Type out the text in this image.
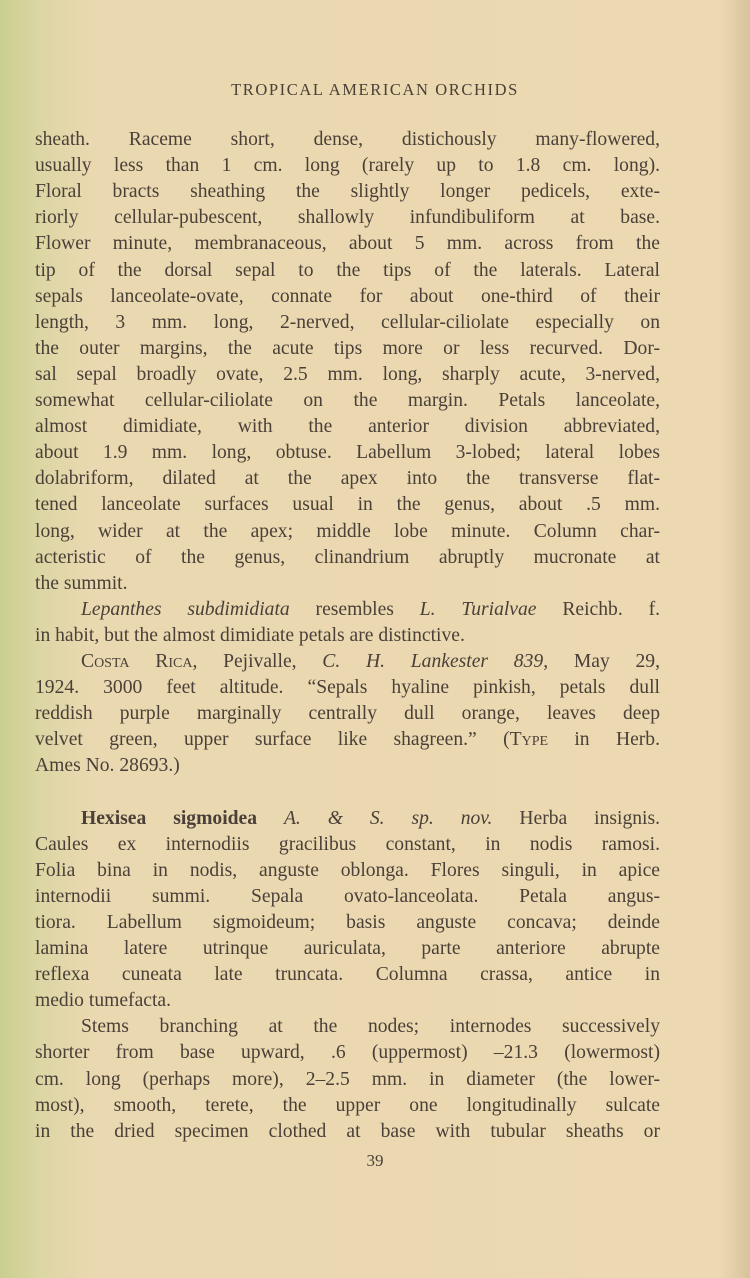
TROPICAL AMERICAN ORCHIDS
sheath. Raceme short, dense, distichously many-flowered,
usually less than 1 cm. long (rarely up to 1.8 cm. long).
Floral bracts sheathing the slightly longer pedicels, exte-
riorly cellular-pubescent, shallowly infundibuliform at base.
Flower minute, membranaceous, about 5 mm. across from the
tip of the dorsal sepal to the tips of the laterals. Lateral
sepals lanceolate-ovate, connate for about one-third of their
length, 3 mm. long, 2-nerved, cellular-ciliolate especially on
the outer margins, the acute tips more or less recurved. Dor-
sal sepal broadly ovate, 2.5 mm. long, sharply acute, 3-nerved,
somewhat cellular-ciliolate on the margin. Petals lanceolate,
almost dimidiate, with the anterior division abbreviated,
about 1.9 mm. long, obtuse. Labellum 3-lobed; lateral lobes
dolabriform, dilated at the apex into the transverse flat-
tened lanceolate surfaces usual in the genus, about .5 mm.
long, wider at the apex; middle lobe minute. Column char-
acteristic of the genus, clinandrium abruptly mucronate at
the summit.
Lepanthes subdimidiata resembles L. Turialvae Reichb. f.
in habit, but the almost dimidiate petals are distinctive.
Costa Rica, Pejivalle, C. H. Lankester 839, May 29,
1924. 3000 feet altitude. “Sepals hyaline pinkish, petals dull
reddish purple marginally centrally dull orange, leaves deep
velvet green, upper surface like shagreen.” (Type in Herb.
Ames No. 28693.)
Hexisea sigmoidea A. & S. sp. nov. Herba insignis.
Caules ex internodiis gracilibus constant, in nodis ramosi.
Folia bina in nodis, anguste oblonga. Flores singuli, in apice
internodii summi. Sepala ovato-lanceolata. Petala angus-
tiora. Labellum sigmoideum; basis anguste concava; deinde
lamina latere utrinque auriculata, parte anteriore abrupte
reflexa cuneata late truncata. Columna crassa, antice in
medio tumefacta.
Stems branching at the nodes; internodes successively
shorter from base upward, .6 (uppermost) –21.3 (lowermost)
cm. long (perhaps more), 2–2.5 mm. in diameter (the lower-
most), smooth, terete, the upper one longitudinally sulcate
in the dried specimen clothed at base with tubular sheaths or
39
